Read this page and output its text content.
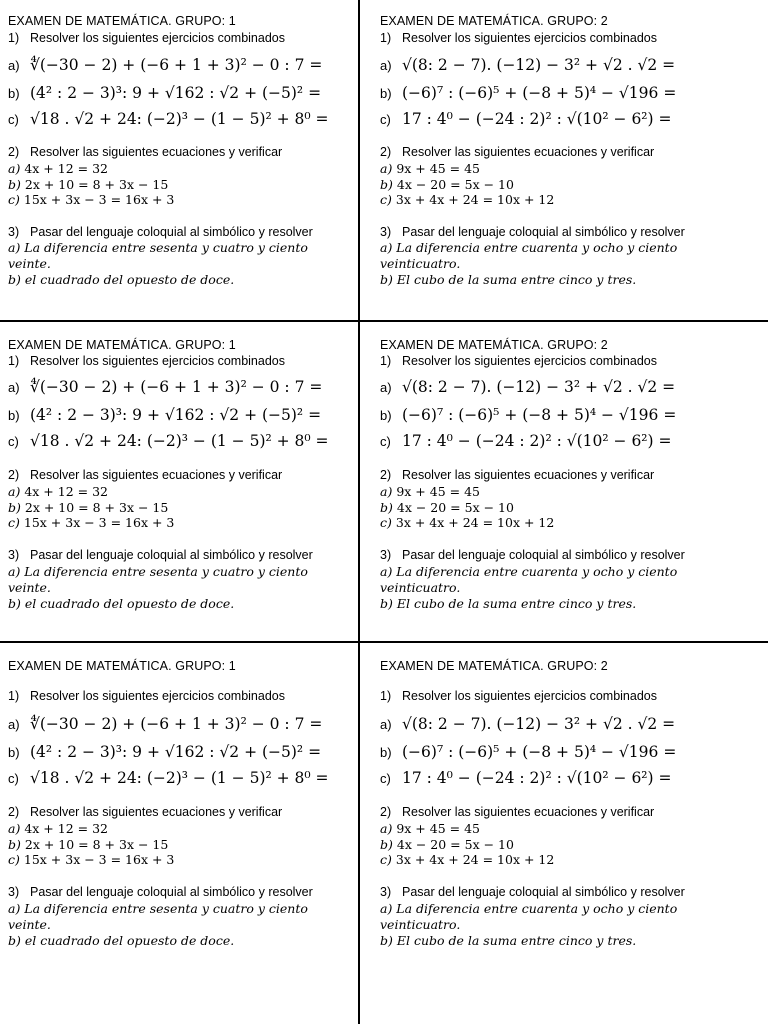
EXAMEN DE MATEMÁTICA. GRUPO: 1
1) Resolver los siguientes ejercicios combinados
a) ∜(−30 − 2) + (−6 + 1 + 3)² − 0 : 7 =
b) (4² : 2 − 3)³: 9 + √162 : √2 + (−5)² =
c) √18 . √2 + 24: (−2)³ − (1 − 5)² + 8⁰ =
2) Resolver las siguientes ecuaciones y verificar
a) 4x + 12 = 32
b) 2x + 10 = 8 + 3x − 15
c) 15x + 3x − 3 = 16x + 3
3) Pasar del lenguaje coloquial al simbólico y resolver
a) La diferencia entre sesenta y cuatro y ciento
veinte.
b) el cuadrado del opuesto de doce.
EXAMEN DE MATEMÁTICA. GRUPO: 2
1) Resolver los siguientes ejercicios combinados
a) √(8: 2 − 7). (−12) − 3² + √2 . √2 =
b) (−6)⁷ : (−6)⁵ + (−8 + 5)⁴ − √196 =
c) 17 : 4⁰ − (−24 : 2)² : √(10² − 6²) =
2) Resolver las siguientes ecuaciones y verificar
a) 9x + 45 = 45
b) 4x − 20 = 5x − 10
c) 3x + 4x + 24 = 10x + 12
3) Pasar del lenguaje coloquial al simbólico y resolver
a) La diferencia entre cuarenta y ocho y ciento
veinticuatro.
b) El cubo de la suma entre cinco y tres.
EXAMEN DE MATEMÁTICA. GRUPO: 1
1) Resolver los siguientes ejercicios combinados
a) ∜(−30 − 2) + (−6 + 1 + 3)² − 0 : 7 =
b) (4² : 2 − 3)³: 9 + √162 : √2 + (−5)² =
c) √18 . √2 + 24: (−2)³ − (1 − 5)² + 8⁰ =
2) Resolver las siguientes ecuaciones y verificar
a) 4x + 12 = 32
b) 2x + 10 = 8 + 3x − 15
c) 15x + 3x − 3 = 16x + 3
3) Pasar del lenguaje coloquial al simbólico y resolver
a) La diferencia entre sesenta y cuatro y ciento
veinte.
b) el cuadrado del opuesto de doce.
EXAMEN DE MATEMÁTICA. GRUPO: 2
1) Resolver los siguientes ejercicios combinados
a) √(8: 2 − 7). (−12) − 3² + √2 . √2 =
b) (−6)⁷ : (−6)⁵ + (−8 + 5)⁴ − √196 =
c) 17 : 4⁰ − (−24 : 2)² : √(10² − 6²) =
2) Resolver las siguientes ecuaciones y verificar
a) 9x + 45 = 45
b) 4x − 20 = 5x − 10
c) 3x + 4x + 24 = 10x + 12
3) Pasar del lenguaje coloquial al simbólico y resolver
a) La diferencia entre cuarenta y ocho y ciento
veinticuatro.
b) El cubo de la suma entre cinco y tres.
EXAMEN DE MATEMÁTICA. GRUPO: 1
1) Resolver los siguientes ejercicios combinados
a) ∜(−30 − 2) + (−6 + 1 + 3)² − 0 : 7 =
b) (4² : 2 − 3)³: 9 + √162 : √2 + (−5)² =
c) √18 . √2 + 24: (−2)³ − (1 − 5)² + 8⁰ =
2) Resolver las siguientes ecuaciones y verificar
a) 4x + 12 = 32
b) 2x + 10 = 8 + 3x − 15
c) 15x + 3x − 3 = 16x + 3
3) Pasar del lenguaje coloquial al simbólico y resolver
a) La diferencia entre sesenta y cuatro y ciento
veinte.
b) el cuadrado del opuesto de doce.
EXAMEN DE MATEMÁTICA. GRUPO: 2
1) Resolver los siguientes ejercicios combinados
a) √(8: 2 − 7). (−12) − 3² + √2 . √2 =
b) (−6)⁷ : (−6)⁵ + (−8 + 5)⁴ − √196 =
c) 17 : 4⁰ − (−24 : 2)² : √(10² − 6²) =
2) Resolver las siguientes ecuaciones y verificar
a) 9x + 45 = 45
b) 4x − 20 = 5x − 10
c) 3x + 4x + 24 = 10x + 12
3) Pasar del lenguaje coloquial al simbólico y resolver
a) La diferencia entre cuarenta y ocho y ciento
veinticuatro.
b) El cubo de la suma entre cinco y tres.
